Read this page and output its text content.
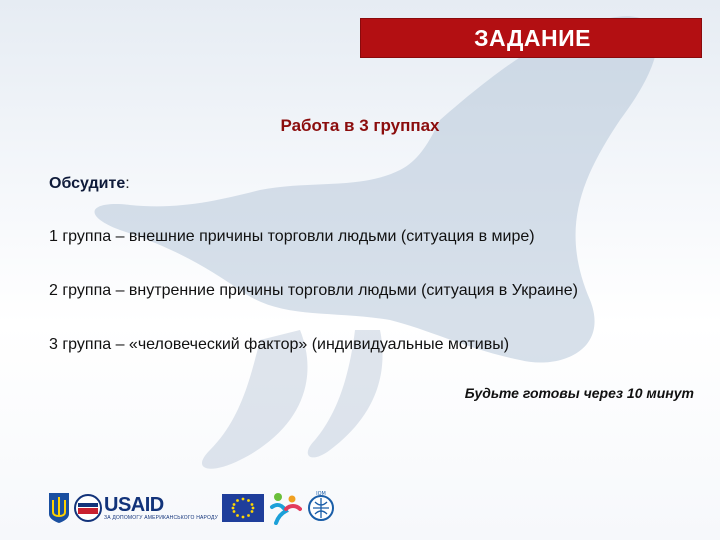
ЗАДАНИЕ
Работа в 3 группах
Обсудите:
1 группа – внешние причины торговли людьми (ситуация в мире)
2 группа – внутренние причины торговли людьми (ситуация в Украине)
3 группа – «человеческий фактор» (индивидуальные мотивы)
Будьте готовы через 10 минут
USAID
ЗА ДОПОМОГУ АМЕРИКАНСЬКОГО НАРОДУ
IOM
